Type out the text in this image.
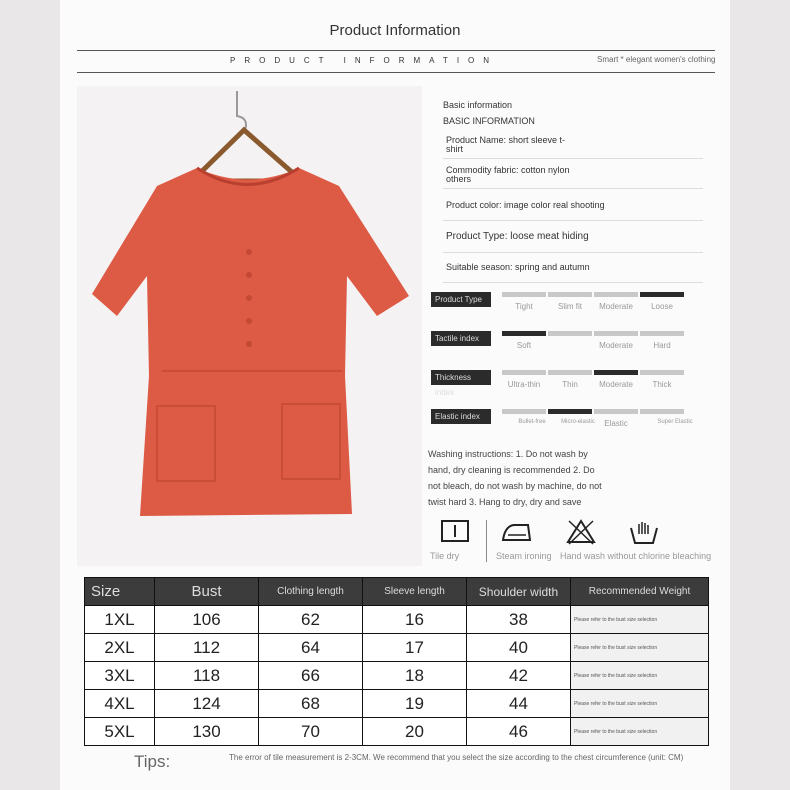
Product Information
PRODUCT INFORMATION	Smart * elegant women's clothing
Basic information
BASIC INFORMATION
Product Name: short sleeve t-shirt
Commodity fabric: cotton nylon others
Product color: image color real shooting
Product Type: loose meat hiding
Suitable season: spring and autumn
Product Type
Tight	Slim fit	Moderate	Loose
Tactile index
Soft	Moderate	Hard
Thickness index
Ultra-thin	Thin	Moderate	Thick
Elastic index
Bullet-free	Micro-elastic	Elastic	Super Elastic
Washing instructions: 1. Do not wash by hand, dry cleaning is recommended 2. Do not bleach, do not wash by machine, do not twist hard 3. Hang to dry, dry and save
Tile dry	Steam ironing Hand wash without chlorine bleaching
Size	Bust	Clothing length	Sleeve length	Shoulder width	Recommended Weight
1XL	106	62	16	38	Please refer to the bust size selection
2XL	112	64	17	40	Please refer to the bust size selection
3XL	118	66	18	42	Please refer to the bust size selection
4XL	124	68	19	44	Please refer to the bust size selection
5XL	130	70	20	46	Please refer to the bust size selection
Tips:	The error of tile measurement is 2-3CM. We recommend that you select the size according to the chest circumference (unit: CM)
